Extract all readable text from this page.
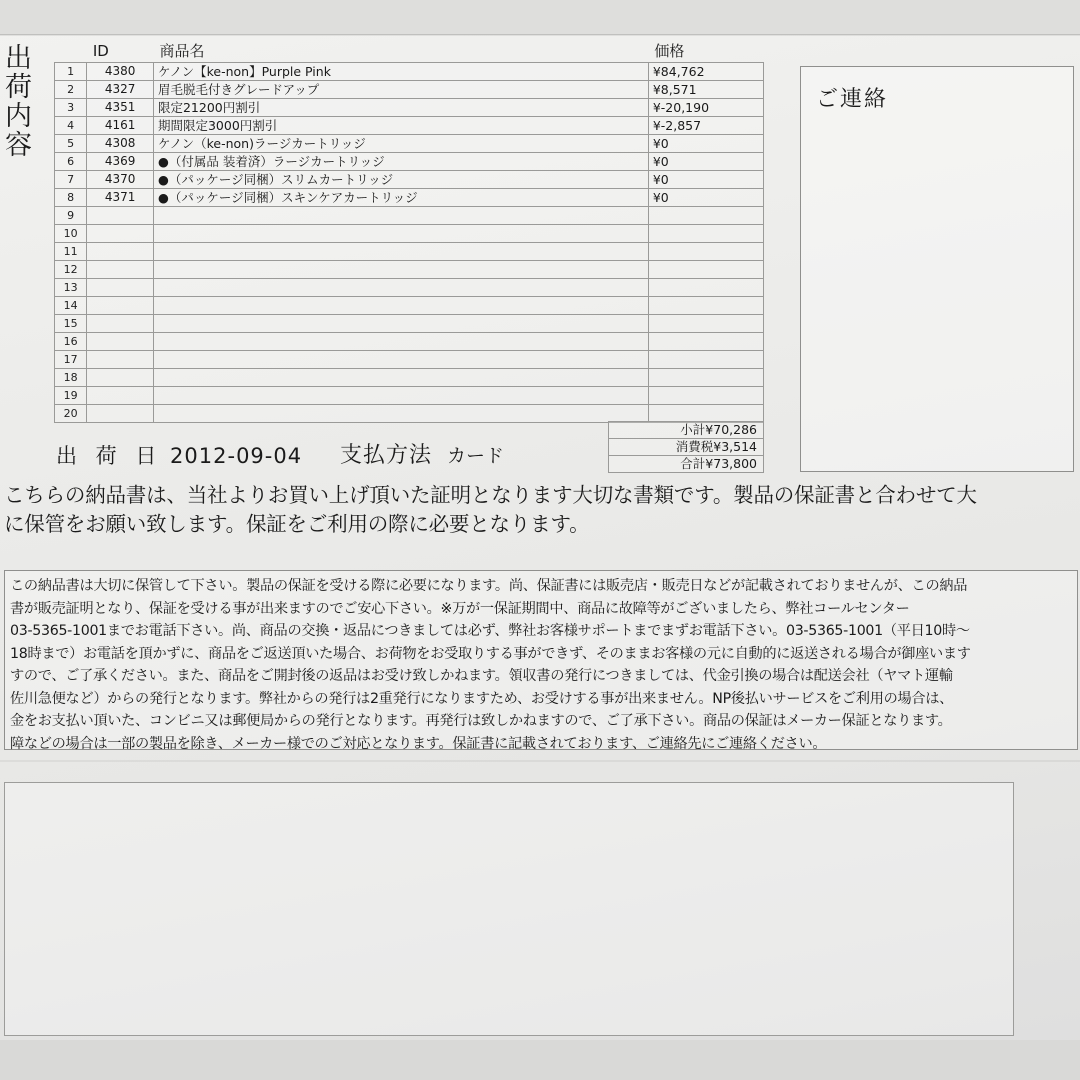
出
荷
内
容
	ID	商品名	価格
1	4380	ケノン【ke-non】Purple Pink	¥84,762
2	4327	眉毛脱毛付きグレードアップ	¥8,571
3	4351	限定21200円割引	¥-20,190
4	4161	期間限定3000円割引	¥-2,857
5	4308	ケノン（ke-non)ラージカートリッジ	¥0
6	4369	●（付属品 装着済）ラージカートリッジ	¥0
7	4370	●（パッケージ同梱）スリムカートリッジ	¥0
8	4371	●（パッケージ同梱）スキンケアカートリッジ	¥0
9			
10			
11			
12			
13			
14			
15			
16			
17			
18			
19			
20			
小計¥70,286
消費税¥3,514
合計¥73,800
出 荷 日 2012-09-04 支払方法 カード
ご連絡
こちらの納品書は、当社よりお買い上げ頂いた証明となります大切な書類です。製品の保証書と合わせて大
に保管をお願い致します。保証をご利用の際に必要となります。
この納品書は大切に保管して下さい。製品の保証を受ける際に必要になります。尚、保証書には販売店・販売日などが記載されておりませんが、この納品
書が販売証明となり、保証を受ける事が出来ますのでご安心下さい。※万が一保証期間中、商品に故障等がございましたら、弊社コールセンター
03-5365-1001までお電話下さい。尚、商品の交換・返品につきましては必ず、弊社お客様サポートまでまずお電話下さい。03-5365-1001（平日10時～
18時まで）お電話を頂かずに、商品をご返送頂いた場合、お荷物をお受取りする事ができず、そのままお客様の元に自動的に返送される場合が御座います
すので、ご了承ください。また、商品をご開封後の返品はお受け致しかねます。領収書の発行につきましては、代金引換の場合は配送会社（ヤマト運輸
佐川急便など）からの発行となります。弊社からの発行は2重発行になりますため、お受けする事が出来ません。NP後払いサービスをご利用の場合は、
金をお支払い頂いた、コンビニ又は郵便局からの発行となります。再発行は致しかねますので、ご了承下さい。商品の保証はメーカー保証となります。
障などの場合は一部の製品を除き、メーカー様でのご対応となります。保証書に記載されております、ご連絡先にご連絡ください。
